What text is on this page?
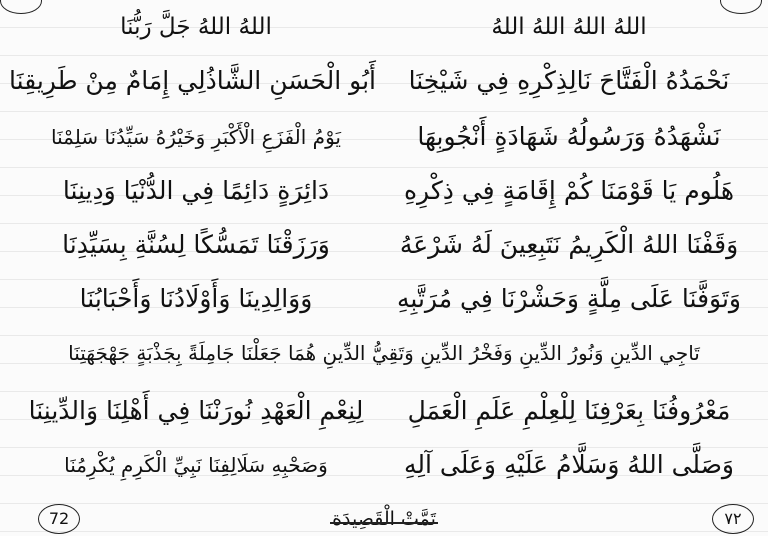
اللهُ اللهُ اللهُ اللهُ
اللهُ اللهُ جَلَّ رَبُّنَا
نَحْمَدُهُ الْفَتَّاحَ نَالِذِكْرِهِ فِي شَيْخِنَا
أَبُو الْحَسَنِ الشَّاذُلِي إِمَامٌ مِنْ طَرِيقِنَا
نَشْهَدُهُ وَرَسُولُهُ شَهَادَةٍ أَنْجُوبِهَا
يَوْمُ الْفَزَعِ الْأَكْبَرِ وَخَيْرُهُ سَيِّدُنَا سَلِمْنَا
هَلُوم يَا قَوْمَنَا كُمْ إِقَامَةٍ فِي ذِكْرِهِ
دَائِرَةٍ دَائِمًا فِي الدُّنْيَا وَدِينِنَا
وَقَفْنَا اللهُ الْكَرِيمُ نَتَبِعِينَ لَهُ شَرْعَهُ
وَرَزَقْنَا تَمَسُّكًا لِسُنَّةِ بِسَيِّدِنَا
وَتَوَفَّنَا عَلَى مِلَّةٍ وَحَشْرْنَا فِي مُرَتَّبِهِ
وَوَالِدِينَا وَأَوْلَادُنَا وَأَحْبَابُنَا
تَاجِي الدِّينِ وَنُورُ الدِّينِ وَفَخْرُ الدِّينِ وَتَقِيُّ الدِّينِ هُمَا جَعَلْنَا جَامِلَةً بِجَذْبَةٍ جَهْجَهَتِنَا
مَعْرُوفُنَا بِعَرْفِنَا لِلْعِلْمِ عَلَمِ الْعَمَلِ
لِنِعْمِ الْعَهْدِ نُورَنْنَا فِي أَهْلِنَا وَالدِّينِنَا
وَصَلَّى اللهُ وَسَلَّامُ عَلَيْهِ وَعَلَى آلِهِ
وَصَحْبِهِ سَلَالِفِنَا نَبِيِّ الْكَرِمِ يُكْرِمُنَا
72	تَمَّتْ الْقَصِيدَة	٧٢
